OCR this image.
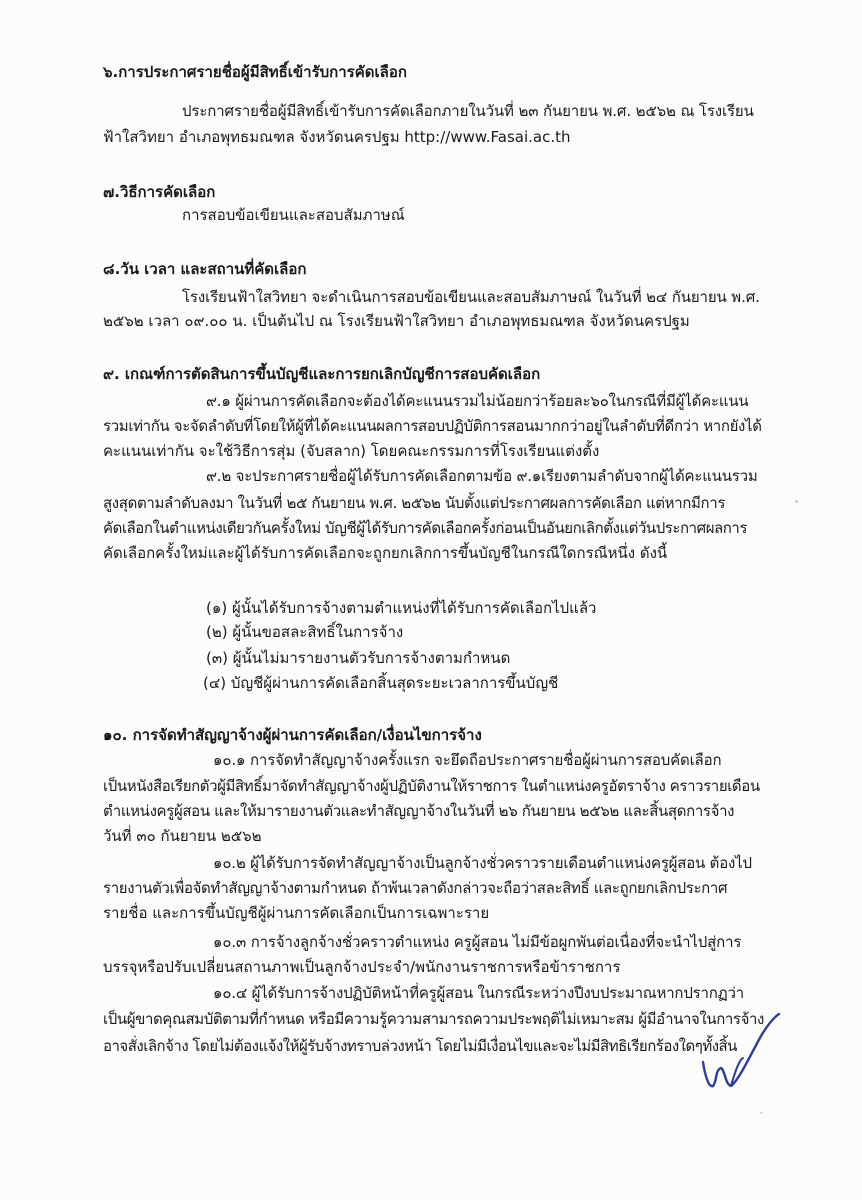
๖.การประกาศรายชื่อผู้มีสิทธิ์เข้ารับการคัดเลือก
ประกาศรายชื่อผู้มีสิทธิ์เข้ารับการคัดเลือกภายในวันที่ ๒๓ กันยายน พ.ศ. ๒๕๖๒ ณ โรงเรียน
ฟ้าใสวิทยา อำเภอพุทธมณฑล จังหวัดนครปฐม http://www.Fasai.ac.th
๗.วิธีการคัดเลือก
การสอบข้อเขียนและสอบสัมภาษณ์
๘.วัน เวลา และสถานที่คัดเลือก
โรงเรียนฟ้าใสวิทยา จะดำเนินการสอบข้อเขียนและสอบสัมภาษณ์ ในวันที่ ๒๔ กันยายน พ.ศ.
๒๕๖๒ เวลา ๐๙.๐๐ น. เป็นต้นไป ณ โรงเรียนฟ้าใสวิทยา อำเภอพุทธมณฑล จังหวัดนครปฐม
๙. เกณฑ์การตัดสินการขึ้นบัญชีและการยกเลิกบัญชีการสอบคัดเลือก
๙.๑ ผู้ผ่านการคัดเลือกจะต้องได้คะแนนรวมไม่น้อยกว่าร้อยละ๖๐ในกรณีที่มีผู้ได้คะแนน
รวมเท่ากัน จะจัดลำดับที่โดยให้ผู้ที่ได้คะแนนผลการสอบปฏิบัติการสอนมากกว่าอยู่ในลำดับที่ดีกว่า หากยังได้
คะแนนเท่ากัน จะใช้วิธีการสุ่ม (จับสลาก) โดยคณะกรรมการที่โรงเรียนแต่งตั้ง
๙.๒ จะประกาศรายชื่อผู้ได้รับการคัดเลือกตามข้อ ๙.๑เรียงตามลำดับจากผู้ได้คะแนนรวม
สูงสุดตามลำดับลงมา ในวันที่ ๒๕ กันยายน พ.ศ. ๒๕๖๒ นับตั้งแต่ประกาศผลการคัดเลือก แต่หากมีการ
คัดเลือกในตำแหน่งเดียวกันครั้งใหม่ บัญชีผู้ได้รับการคัดเลือกครั้งก่อนเป็นอันยกเลิกตั้งแต่วันประกาศผลการ
คัดเลือกครั้งใหม่และผู้ได้รับการคัดเลือกจะถูกยกเลิกการขึ้นบัญชีในกรณีใดกรณีหนึ่ง ดังนี้
(๑) ผู้นั้นได้รับการจ้างตามตำแหน่งที่ได้รับการคัดเลือกไปแล้ว
(๒) ผู้นั้นขอสละสิทธิ์ในการจ้าง
(๓) ผู้นั้นไม่มารายงานตัวรับการจ้างตามกำหนด
(๔) บัญชีผู้ผ่านการคัดเลือกสิ้นสุดระยะเวลาการขึ้นบัญชี
๑๐. การจัดทำสัญญาจ้างผู้ผ่านการคัดเลือก/เงื่อนไขการจ้าง
๑๐.๑ การจัดทำสัญญาจ้างครั้งแรก จะยึดถือประกาศรายชื่อผู้ผ่านการสอบคัดเลือก
เป็นหนังสือเรียกตัวผู้มีสิทธิ์มาจัดทำสัญญาจ้างผู้ปฏิบัติงานให้ราชการ ในตำแหน่งครูอัตราจ้าง คราวรายเดือน
ตำแหน่งครูผู้สอน และให้มารายงานตัวและทำสัญญาจ้างในวันที่ ๒๖ กันยายน ๒๕๖๒ และสิ้นสุดการจ้าง
วันที่ ๓๐ กันยายน ๒๕๖๒
๑๐.๒ ผู้ได้รับการจัดทำสัญญาจ้างเป็นลูกจ้างชั่วคราวรายเดือนตำแหน่งครูผู้สอน ต้องไป
รายงานตัวเพื่อจัดทำสัญญาจ้างตามกำหนด ถ้าพ้นเวลาดังกล่าวจะถือว่าสละสิทธิ์ และถูกยกเลิกประกาศ
รายชื่อ และการขึ้นบัญชีผู้ผ่านการคัดเลือกเป็นการเฉพาะราย
๑๐.๓ การจ้างลูกจ้างชั่วคราวตำแหน่ง ครูผู้สอน ไม่มีข้อผูกพันต่อเนื่องที่จะนำไปสู่การ
บรรจุหรือปรับเปลี่ยนสถานภาพเป็นลูกจ้างประจำ/พนักงานราชการหรือข้าราชการ
๑๐.๔ ผู้ได้รับการจ้างปฏิบัติหน้าที่ครูผู้สอน ในกรณีระหว่างปีงบประมาณหากปรากฏว่า
เป็นผู้ขาดคุณสมบัติตามที่กำหนด หรือมีความรู้ความสามารถความประพฤติไม่เหมาะสม ผู้มีอำนาจในการจ้าง
อาจสั่งเลิกจ้าง โดยไม่ต้องแจ้งให้ผู้รับจ้างทราบล่วงหน้า โดยไม่มีเงื่อนไขและจะไม่มีสิทธิเรียกร้องใดๆทั้งสิ้น
